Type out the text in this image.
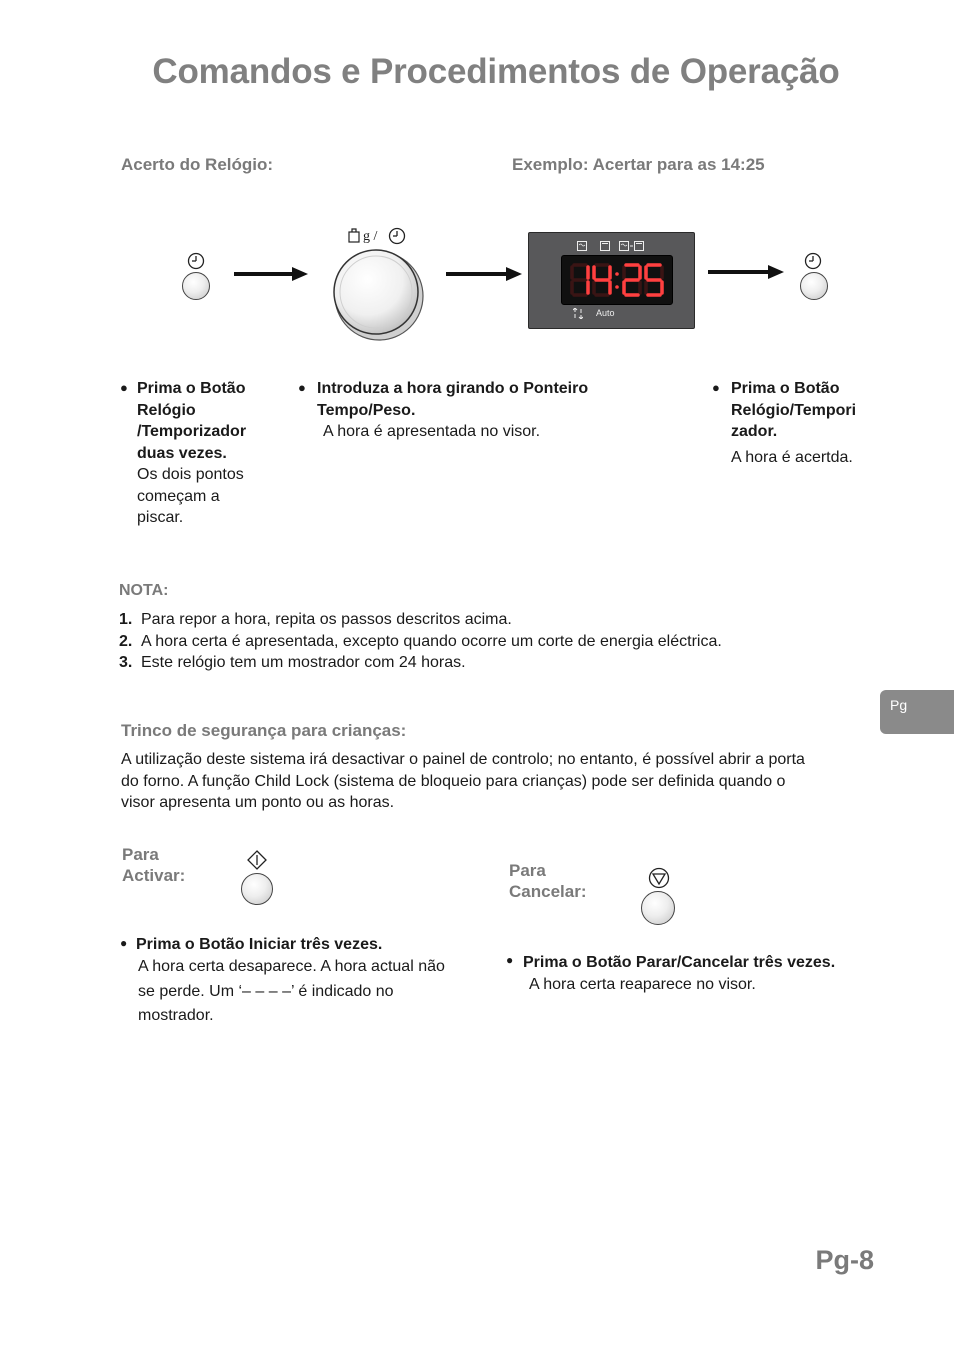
Comandos e Procedimentos de Operação
Acerto do Relógio:	Exemplo: Acertar para as 14:25
g /
Auto
● Prima o Botão
Relógio
/Temporizador
duas vezes.
Os dois pontos
começam a
piscar.
● Introduza a hora girando o Ponteiro
Tempo/Peso.
A hora é apresentada no visor.
● Prima o Botão
Relógio/Tempori
zador.
A hora é acertda.
NOTA:
1. Para repor a hora, repita os passos descritos acima.
2. A hora certa é apresentada, excepto quando ocorre um corte de energia eléctrica.
3. Este relógio tem um mostrador com 24 horas.
Pg
Trinco de segurança para crianças:
A utilização deste sistema irá desactivar o painel de controlo; no entanto, é possível abrir a porta
do forno. A função Child Lock (sistema de bloqueio para crianças) pode ser definida quando o
visor apresenta um ponto ou as horas.
Para
Activar:
● Prima o Botão Iniciar três vezes.
A hora certa desaparece. A hora actual não
se perde. Um ‘– – – –’ é indicado no
mostrador.
Para
Cancelar:
● Prima o Botão Parar/Cancelar três vezes.
A hora certa reaparece no visor.
Pg-8
